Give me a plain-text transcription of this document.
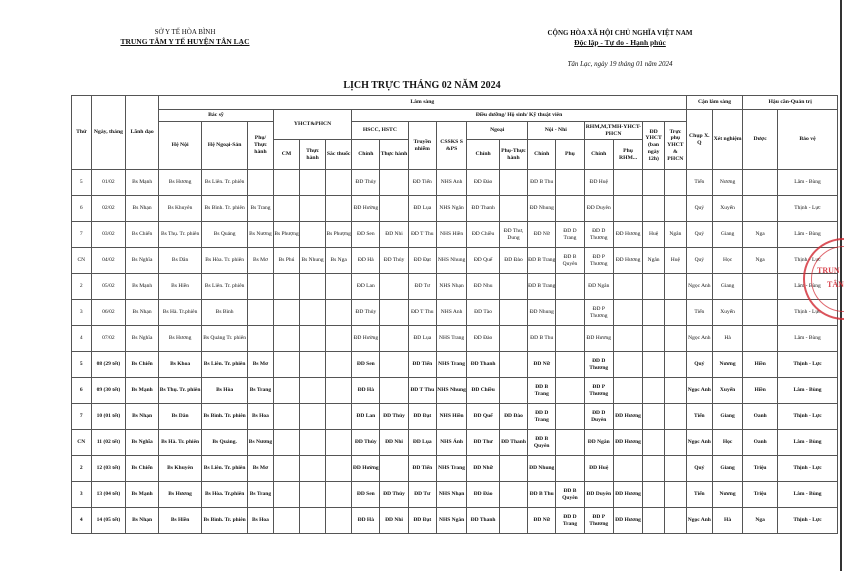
SỞ Y TẾ HÒA BÌNH
TRUNG TÂM Y TẾ HUYỆN TÂN LẠC
CỘNG HÒA XÃ HỘI CHỦ NGHĨA VIỆT NAM
Độc lập - Tự do - Hạnh phúc
Tân Lạc, ngày 19 tháng 01 năm 2024
LỊCH TRỰC THÁNG 02 NĂM 2024
Thứ	Ngày, tháng	Lãnh đạo	Lâm sàng																		Cận lâm sàng		Hậu cần-Quản trị	
			Bác sỹ			YHCT&PHCN			Điều dưỡng/ Hộ sinh/ Kỹ thuật viên												Chụp X. Q	Xét nghiệm	Dược	Bảo vệ
			Hệ Nội	Hệ Ngoại-Sản	Phụ/ Thực hành				HSCC, HSTC		Truyền nhiễm	CSSKS S &PS	Ngoại		Nội - Nhi		RHM,M,TMH-YHCT-PHCN		ĐD YHCT (ban ngày 12h)	Trực phụ YHCT & PHCN				
						CM	Thực hành	Sắc thuốc	Chính	Thực hành			Chính	Phụ-Thực hành	Chính	Phụ	Chính	Phụ RHM...						
5	01/02	Bs Mạnh	Bs Hương	Bs Liên. Tr. phiên					ĐD Thủy		ĐD Tiến	NHS Anh	ĐD Đào		ĐD B Thu		ĐD Huệ				Tiến	Nương		Lâm - Bùng
6	02/02	Bs Nhạn	Bs Khuyên	Bs Bình. Tr. phiên	Bs Trang				ĐD Hường		ĐD Lụa	NHS Ngân	ĐD Thanh		ĐD Nhung		ĐD Duyên				Quý	Xuyến		Thịnh - Lực
7	03/02	Bs Chiến	Bs Thụ. Tr. phiên	Bs Quảng	Bs Nương	Bs Phượng		Bs Phượng	ĐD Sen	ĐD Nhi	ĐD T Thu	NHS Hiền	ĐD Chiều	ĐD Thư, Dung	ĐD Nữ	ĐD D Trang	ĐD D Thương	ĐD Hương	Huệ	Ngân	Quý	Giang	Nga	Lâm - Bùng
CN	04/02	Bs Nghĩa	Bs Dân	Bs Hòa. Tr. phiên	Bs Mơ	Bs Phú	Bs Nhung	Bs Nga	ĐD Hà	ĐD Thủy	ĐD Đạt	NHS Nhung	ĐD Quế	ĐD Đào	ĐD B Trang	ĐD B Quyên	ĐD P Thương	ĐD Hương	Ngân	Huệ	Quý	Học	Nga	Thịnh - Lực
2	05/02	Bs Mạnh	Bs Hiền	Bs Liên. Tr. phiên					ĐD Lan		ĐD Tư	NHS Nhạn	ĐD Nhu		ĐD B Trang		ĐD Ngân				Ngọc Anh	Giang		Lâm - Bùng
3	06/02	Bs Nhạn	Bs Hà. Tr.phiên	Bs Bình					ĐD Thủy		ĐD T Thu	NHS Anh	ĐD Tào		ĐD Nhung		ĐD P Thương				Tiến	Xuyến		Thịnh - Lực
4	07/02	Bs Nghĩa	Bs Hương	Bs Quảng Tr. phiên					ĐD Hường		ĐD Lụa	NHS Trang	ĐD Đào		ĐD B Thu		ĐD Hương				Ngọc Anh	Hà		Lâm - Bùng
5	08 (29 tết)	Bs Chiến	Bs Khoa	Bs Liên. Tr. phiên	Bs Mơ				ĐD Sen		ĐD Tiến	NHS Trang	ĐD Thanh		ĐD Nữ		ĐD D Thương				Quý	Nương	Hiền	Thịnh - Lực
6	09 (30 tết)	Bs Mạnh	Bs Thụ. Tr. phiên	Bs Hòa	Bs Trang				ĐD Hà		ĐD T Thu	NHS Nhung	ĐD Chiều		ĐD B Trang		ĐD P Thương				Ngọc Anh	Xuyến	Hiền	Lâm - Bùng
7	10 (01 tết)	Bs Nhạn	Bs Dân	Bs Bình. Tr. phiên	Bs Hoa				ĐD Lan	ĐD Thủy	ĐD Đạt	NHS Hiền	ĐD Quế	ĐD Đào	ĐD D Trang		ĐD D Duyên	ĐD Hương			Tiến	Giang	Oanh	Thịnh - Lực
CN	11 (02 tết)	Bs Nghĩa	Bs Hà. Tr. phiên	Bs Quảng.	Bs Nương				ĐD Thủy	ĐD Nhi	ĐD Lụa	NHS Ánh	ĐD Thư	ĐD Thanh	ĐD B Quyên		ĐD Ngân	ĐD Hương			Ngọc Anh	Học	Oanh	Lâm - Bùng
2	12 (03 tết)	Bs Chiến	Bs Khuyên	Bs Liên. Tr. phiên	Bs Mơ				ĐD Hường		ĐD Tiến	NHS Trang	ĐD Nhữ		ĐD Nhung		ĐD Huệ				Quý	Giang	Triệu	Thịnh - Lực
3	13 (04 tết)	Bs Mạnh	Bs Hương	Bs Hòa. Tr.phiên	Bs Trang				ĐD Sen	ĐD Thủy	ĐD Tư	NHS Nhạn	ĐD Đào		ĐD B Thu	ĐD B Quyên	ĐD Duyên	ĐD Hương			Tiến	Nương	Triệu	Lâm - Bùng
4	14 (05 tết)	Bs Nhạn	Bs Hiền	Bs Bình. Tr. phiên	Bs Hoa				ĐD Hà	ĐD Nhi	ĐD Đạt	NHS Ngân	ĐD Thanh		ĐD Nữ	ĐD D Trang	ĐD P Thương	ĐD Hương			Ngọc Anh	Hà	Nga	Thịnh - Lực
TRUN
TÂN
